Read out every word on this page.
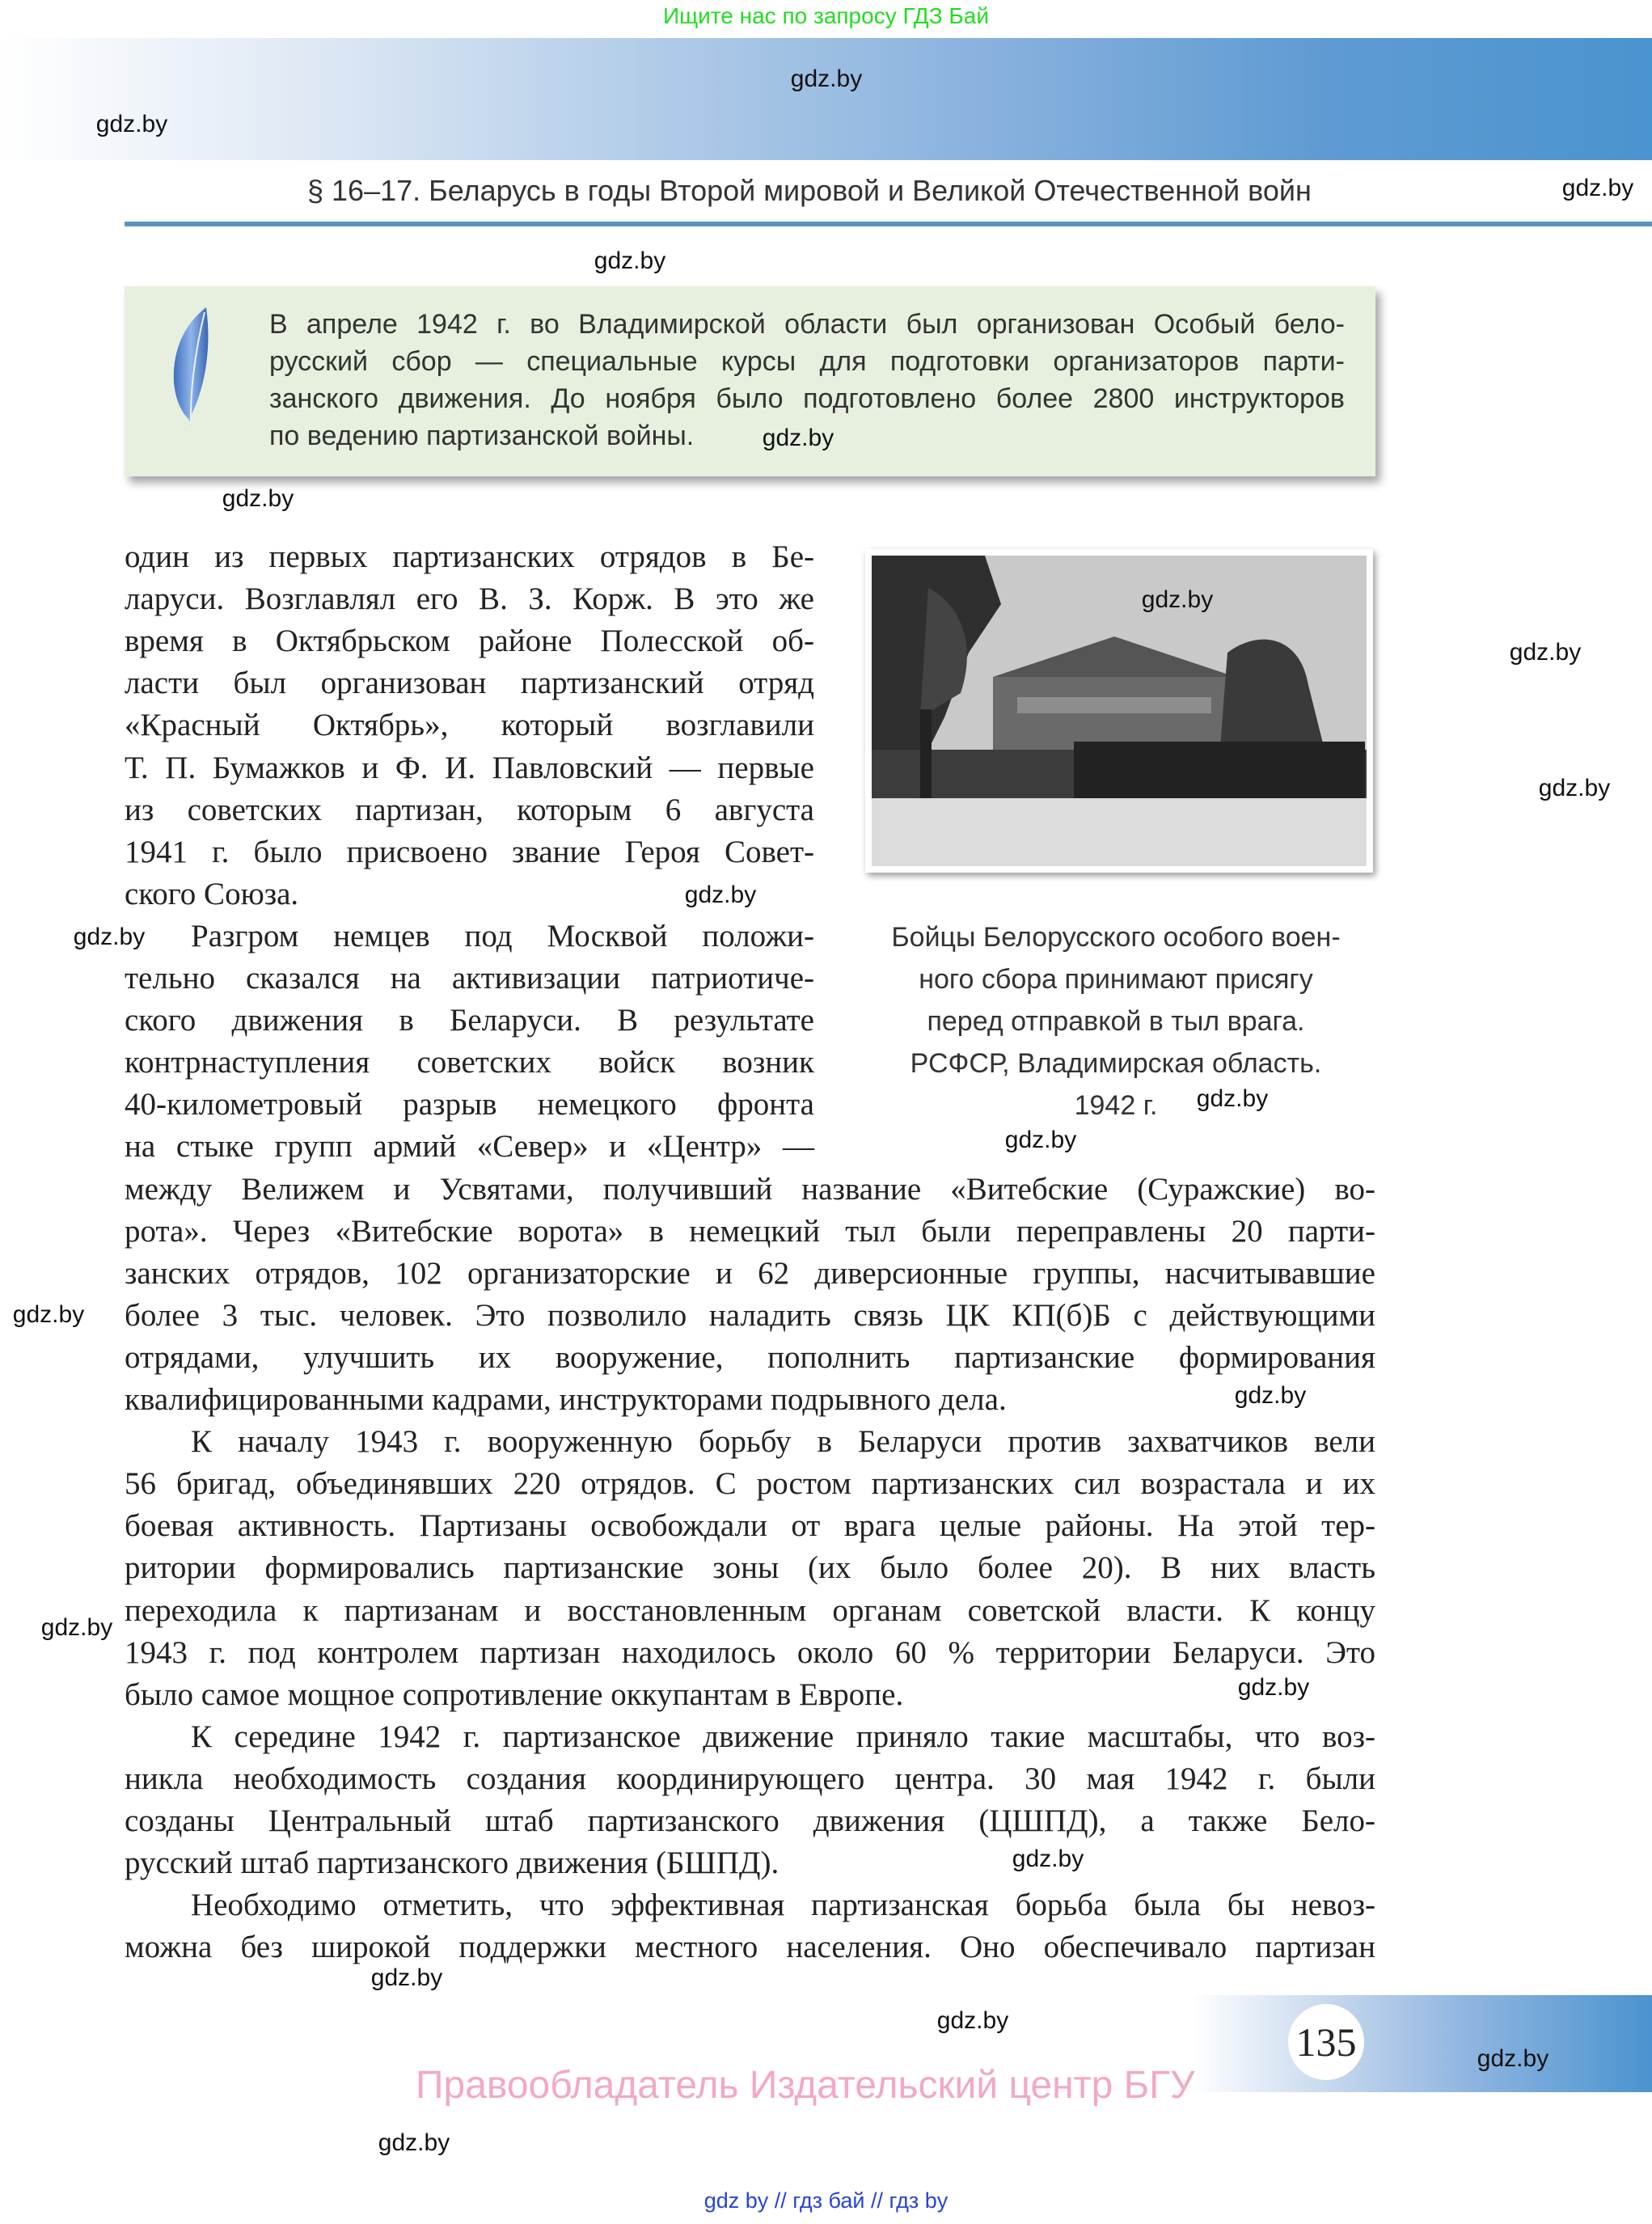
Ищите нас по запросу ГДЗ Бай
§ 16–17. Беларусь в годы Второй мировой и Великой Отечественной войн
В апреле 1942 г. во Владимирской области был организован Особый бело-
русский сбор — специальные курсы для подготовки организаторов парти-
занского движения. До ноября было подготовлено более 2800 инструкторов
по ведению партизанской войны.
один из первых партизанских отрядов в Бе-
ларуси. Возглавлял его В. З. Корж. В это же
время в Октябрьском районе Полесской об-
ласти был организован партизанский отряд
«Красный Октябрь», который возглавили
Т. П. Бумажков и Ф. И. Павловский — первые
из советских партизан, которым 6 августа
1941 г. было присвоено звание Героя Совет-
ского Союза.
Разгром немцев под Москвой положи-
тельно сказался на активизации патриотиче-
ского движения в Беларуси. В результате
контрнаступления советских войск возник
40-километровый разрыв немецкого фронта
на стыке групп армий «Север» и «Центр» —
между Велижем и Усвятами, получивший название «Витебские (Суражские) во-
рота». Через «Витебские ворота» в немецкий тыл были переправлены 20 парти-
занских отрядов, 102 организаторские и 62 диверсионные группы, насчитывавшие
более 3 тыс. человек. Это позволило наладить связь ЦК КП(б)Б с действующими
отрядами, улучшить их вооружение, пополнить партизанские формирования
квалифицированными кадрами, инструкторами подрывного дела.
К началу 1943 г. вооруженную борьбу в Беларуси против захватчиков вели
56 бригад, объединявших 220 отрядов. С ростом партизанских сил возрастала и их
боевая активность. Партизаны освобождали от врага целые районы. На этой тер-
ритории формировались партизанские зоны (их было более 20). В них власть
переходила к партизанам и восстановленным органам советской власти. К концу
1943 г. под контролем партизан находилось около 60 % территории Беларуси. Это
было самое мощное сопротивление оккупантам в Европе.
К середине 1942 г. партизанское движение приняло такие масштабы, что воз-
никла необходимость создания координирующего центра. 30 мая 1942 г. были
созданы Центральный штаб партизанского движения (ЦШПД), а также Бело-
русский штаб партизанского движения (БШПД).
Необходимо отметить, что эффективная партизанская борьба была бы невоз-
можна без широкой поддержки местного населения. Оно обеспечивало партизан
Бойцы Белорусского особого воен-
ного сбора принимают присягу
перед отправкой в тыл врага.
РСФСР, Владимирская область.
1942 г.
135
Правообладатель Издательский центр БГУ
gdz by // гдз бай // гдз by
gdz.by
gdz.by
gdz.by
gdz.by
gdz.by
gdz.by
gdz.by
gdz.by
gdz.by
gdz.by
gdz.by
gdz.by
gdz.by
gdz.by
gdz.by
gdz.by
gdz.by
gdz.by
gdz.by
gdz.by
gdz.by
gdz.by
